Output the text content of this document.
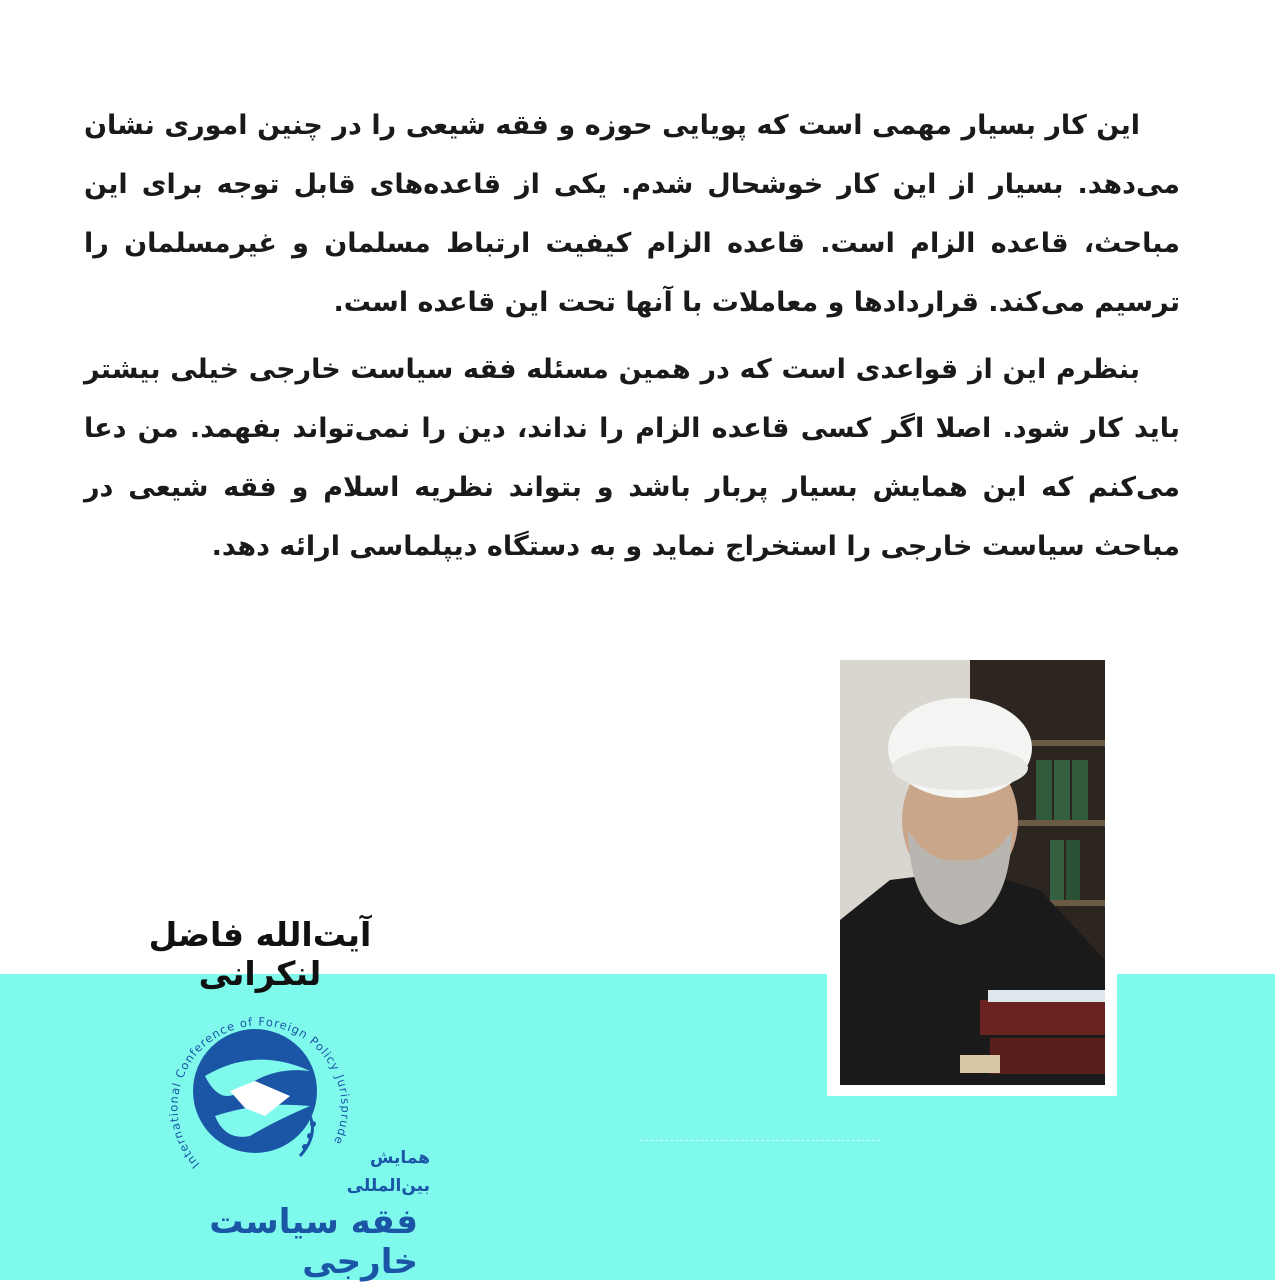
این کار بسیار مهمی است که پویایی حوزه و فقه شیعی را در چنین اموری نشان می‌دهد. بسیار از این کار خوشحال شدم. یکی از قاعده‌های قابل توجه برای این مباحث، قاعده الزام است. قاعده الزام کیفیت ارتباط مسلمان و غیرمسلمان را ترسیم می‌کند. قراردادها و معاملات با آنها تحت این قاعده است.

بنظرم این از قواعدی است که در همین مسئله فقه سیاست خارجی خیلی بیشتر باید کار شود. اصلا اگر کسی قاعده الزام را نداند، دین را نمی‌تواند بفهمد. من دعا می‌کنم که این همایش بسیار پربار باشد و بتواند نظریه اسلام و فقه شیعی در مباحث سیاست خارجی را استخراج نماید و به دستگاه دیپلماسی ارائه دهد.

آیت‌الله فاضل لنکرانی
International Conference of Foreign Policy Jurisprude
همایش
بین‌المللی
فقه سیاست خارجی
